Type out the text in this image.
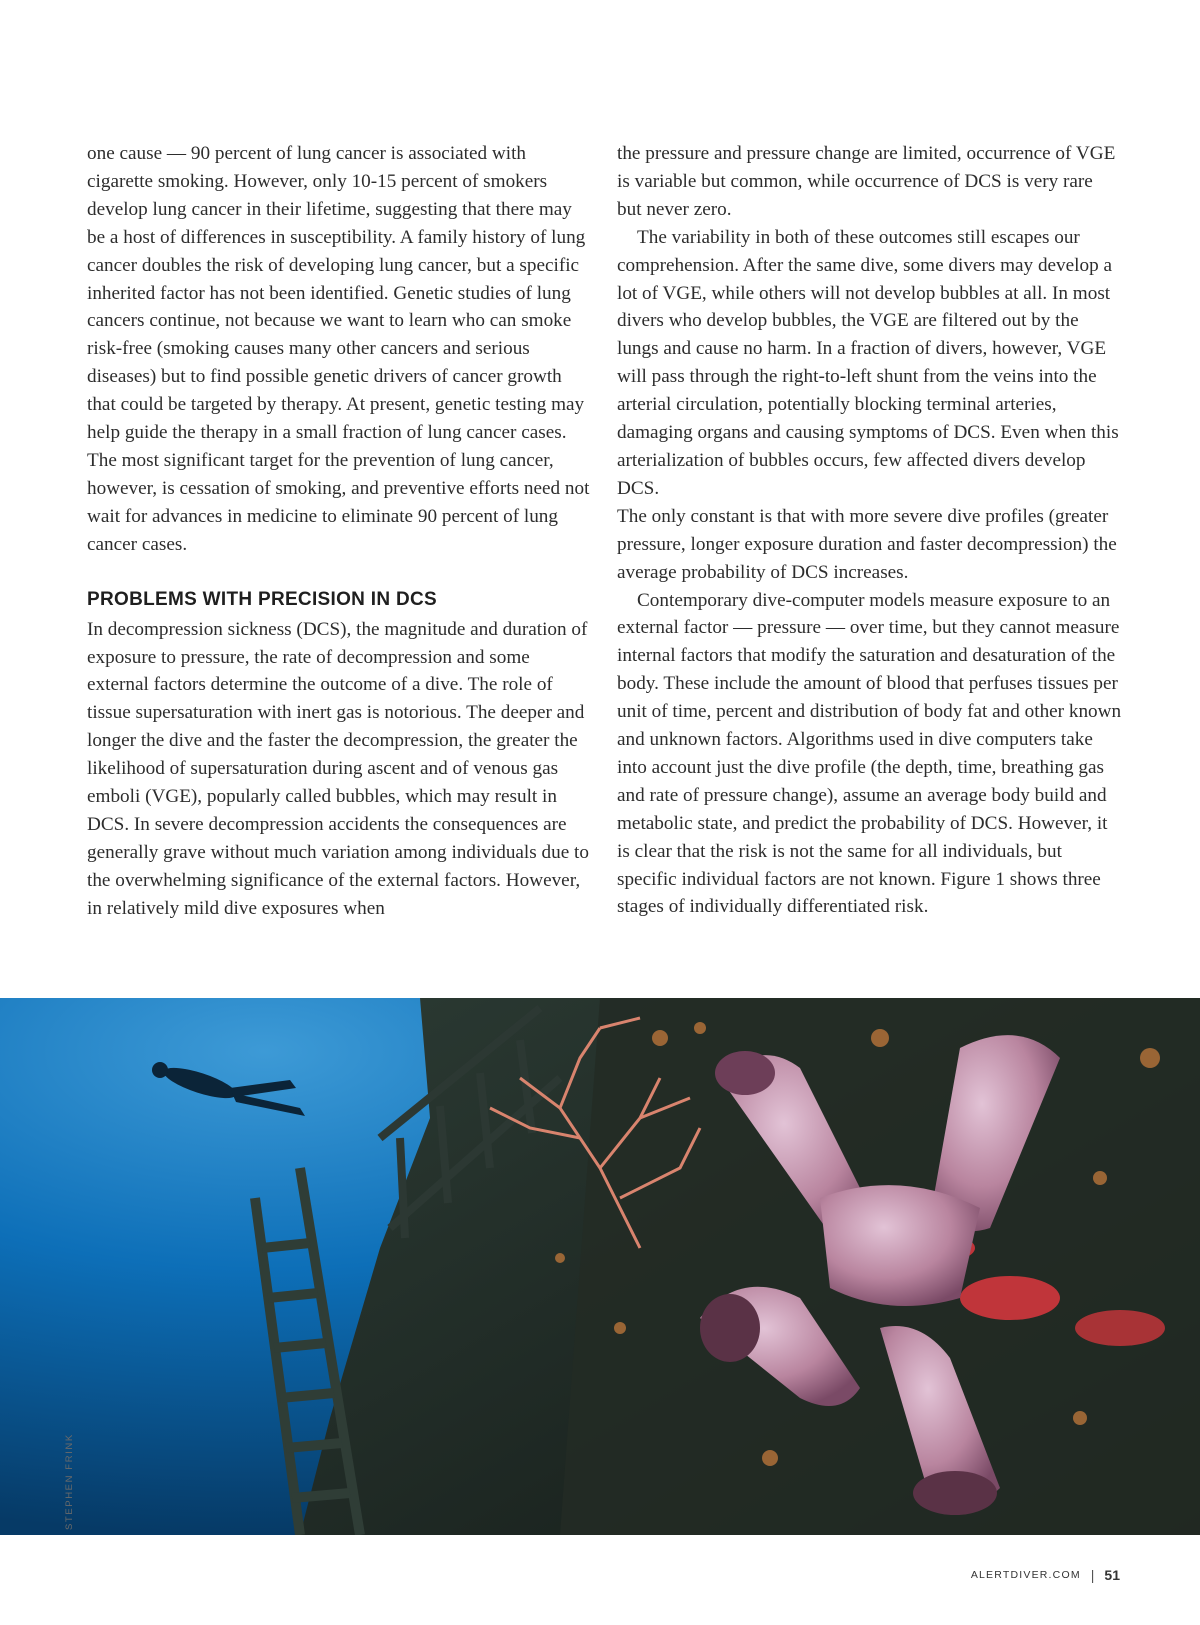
one cause — 90 percent of lung cancer is associated with cigarette smoking. However, only 10-15 percent of smokers develop lung cancer in their lifetime, suggesting that there may be a host of differences in susceptibility. A family history of lung cancer doubles the risk of developing lung cancer, but a specific inherited factor has not been identified. Genetic studies of lung cancers continue, not because we want to learn who can smoke risk-free (smoking causes many other cancers and serious diseases) but to find possible genetic drivers of cancer growth that could be targeted by therapy. At present, genetic testing may help guide the therapy in a small fraction of lung cancer cases. The most significant target for the prevention of lung cancer, however, is cessation of smoking, and preventive efforts need not wait for advances in medicine to eliminate 90 percent of lung cancer cases.

PROBLEMS WITH PRECISION IN DCS

In decompression sickness (DCS), the magnitude and duration of exposure to pressure, the rate of decompression and some external factors determine the outcome of a dive. The role of tissue supersaturation with inert gas is notorious. The deeper and longer the dive and the faster the decompression, the greater the likelihood of supersaturation during ascent and of venous gas emboli (VGE), popularly called bubbles, which may result in DCS. In severe decompression accidents the consequences are generally grave without much variation among individuals due to the overwhelming significance of the external factors. However, in relatively mild dive exposures when

the pressure and pressure change are limited, occurrence of VGE is variable but common, while occurrence of DCS is very rare but never zero.

The variability in both of these outcomes still escapes our comprehension. After the same dive, some divers may develop a lot of VGE, while others will not develop bubbles at all. In most divers who develop bubbles, the VGE are filtered out by the lungs and cause no harm. In a fraction of divers, however, VGE will pass through the right-to-left shunt from the veins into the arterial circulation, potentially blocking terminal arteries, damaging organs and causing symptoms of DCS. Even when this arterialization of bubbles occurs, few affected divers develop DCS.

The only constant is that with more severe dive profiles (greater pressure, longer exposure duration and faster decompression) the average probability of DCS increases.

Contemporary dive-computer models measure exposure to an external factor — pressure — over time, but they cannot measure internal factors that modify the saturation and desaturation of the body. These include the amount of blood that perfuses tissues per unit of time, percent and distribution of body fat and other known and unknown factors. Algorithms used in dive computers take into account just the dive profile (the depth, time, breathing gas and rate of pressure change), assume an average body build and metabolic state, and predict the probability of DCS. However, it is clear that the risk is not the same for all individuals, but specific individual factors are not known. Figure 1 shows three stages of individually differentiated risk.

STEPHEN FRINK
ALERTDIVER.COM | 51
